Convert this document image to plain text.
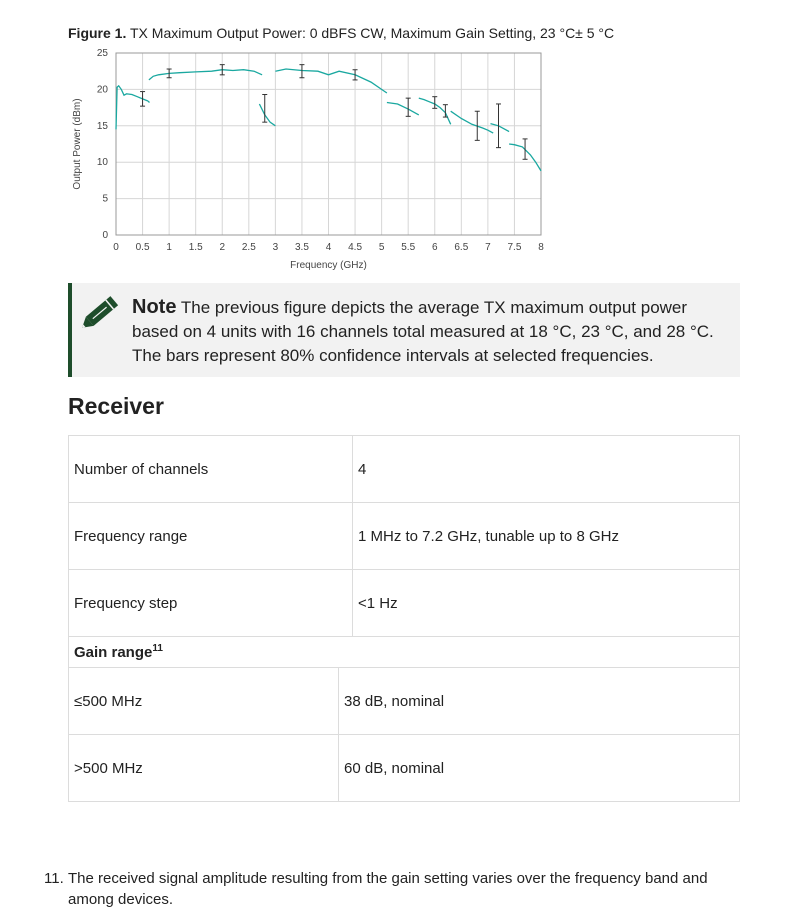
Figure 1. TX Maximum Output Power: 0 dBFS CW, Maximum Gain Setting, 23 °C± 5 °C
0 0.5 1 1.5 2 2.5 3 3.5 4 4.5 5 5.5 6 6.5 7 7.5 8
0
5
10
15
20
25
Frequency (GHz)
Output Power (dBm)
Note The previous figure depicts the average TX maximum output power based on 4 units with 16 channels total measured at 18 °C, 23 °C, and 28 °C. The bars represent 80% confidence intervals at selected frequencies.
Receiver
Number of channels		4
Frequency range		1 MHz to 7.2 GHz, tunable up to 8 GHz
Frequency step		<1 Hz
Gain range$^{11}$
≤500 MHz	38 dB, nominal	
>500 MHz	60 dB, nominal	
11. The received signal amplitude resulting from the gain setting varies over the frequency band and among devices.
